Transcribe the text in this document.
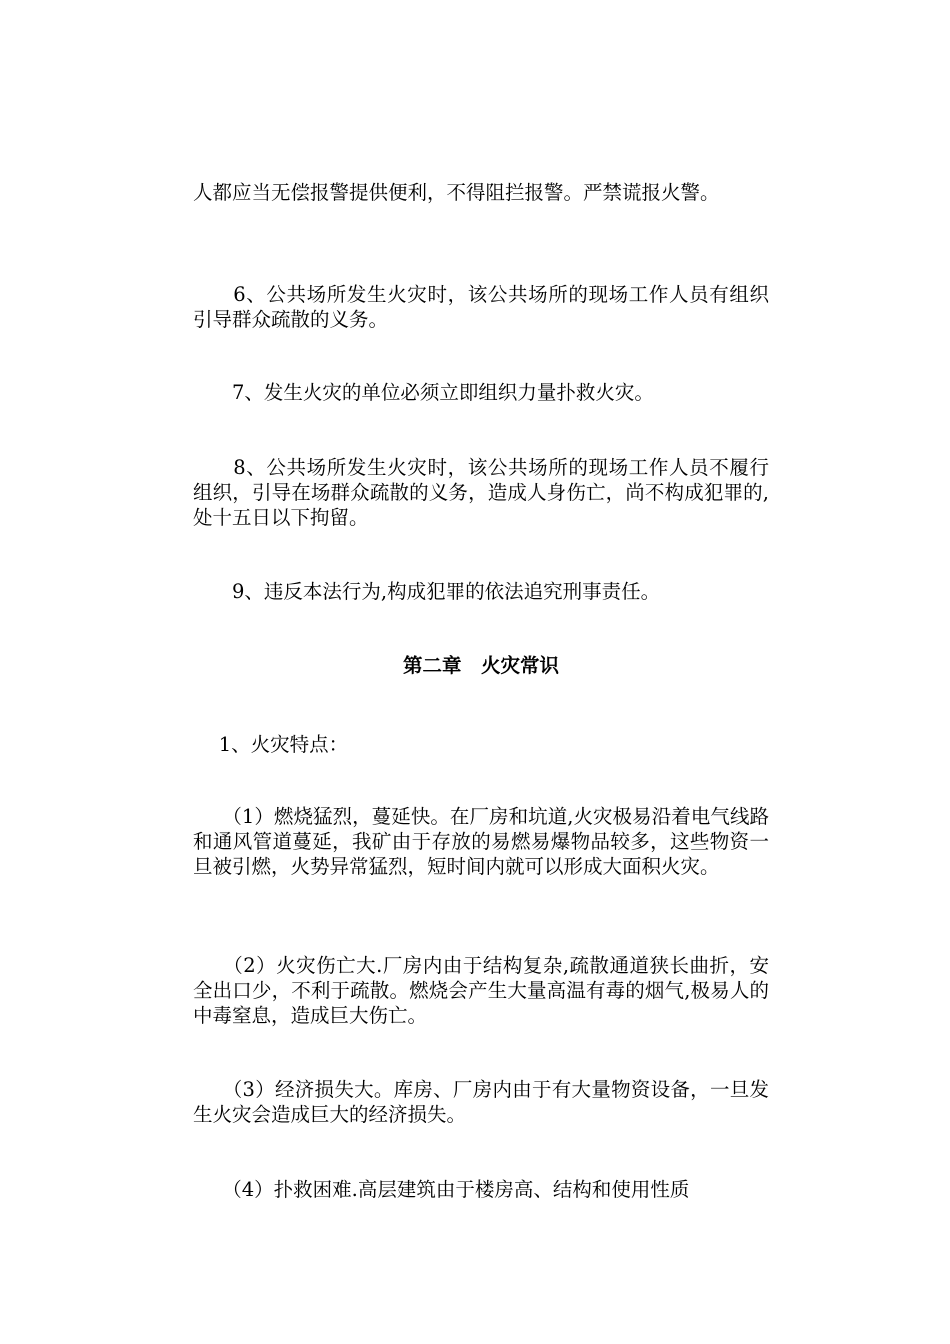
人都应当无偿报警提供便利，不得阻拦报警。严禁谎报火警。

　　6、公共场所发生火灾时，该公共场所的现场工作人员有组织引导群众疏散的义务。

　　7、发生火灾的单位必须立即组织力量扑救火灾。

　　8、公共场所发生火灾时，该公共场所的现场工作人员不履行组织，引导在场群众疏散的义务，造成人身伤亡，尚不构成犯罪的,处十五日以下拘留。

　　9、违反本法行为,构成犯罪的依法追究刑事责任。

第二章　火灾常识

　 1、火灾特点：

　　（1）燃烧猛烈，蔓延快。在厂房和坑道,火灾极易沿着电气线路和通风管道蔓延，我矿由于存放的易燃易爆物品较多，这些物资一旦被引燃，火势异常猛烈，短时间内就可以形成大面积火灾。

　　（2）火灾伤亡大.厂房内由于结构复杂,疏散通道狭长曲折，安全出口少，不利于疏散。燃烧会产生大量高温有毒的烟气,极易人的中毒窒息，造成巨大伤亡。

　　（3）经济损失大。库房、厂房内由于有大量物资设备，一旦发生火灾会造成巨大的经济损失。

　　（4）扑救困难.高层建筑由于楼房高、结构和使用性质
